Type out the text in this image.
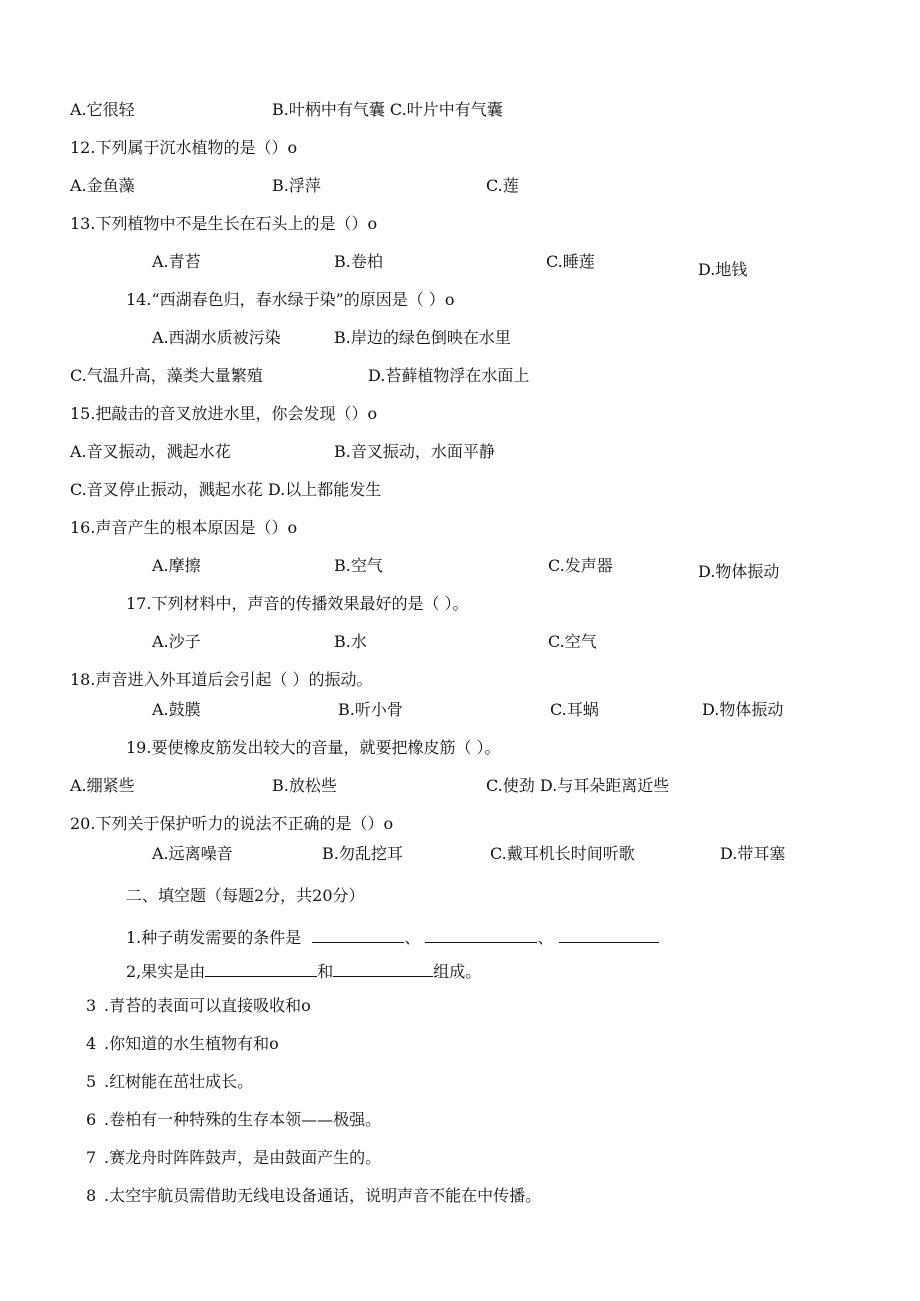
A.它很轻	B.叶柄中有气囊 C.叶片中有气囊
12.下列属于沉水植物的是（）o
A.金鱼藻	B.浮萍	C.莲
13.下列植物中不是生长在石头上的是（）o
A.青苔	B.卷柏	C.睡莲	D.地钱
14.“西湖春色归，春水绿于染”的原因是（ ）o
A.西湖水质被污染	B.岸边的绿色倒映在水里
C.气温升高，藻类大量繁殖	D.苔藓植物浮在水面上
15.把敲击的音叉放进水里，你会发现（）o
A.音叉振动，溅起水花	B.音叉振动，水面平静
C.音叉停止振动，溅起水花 D.以上都能发生
16.声音产生的根本原因是（）o
A.摩擦	B.空气	C.发声器	D.物体振动
17.下列材料中，声音的传播效果最好的是（ ）。
A.沙子	B.水	C.空气
18.声音进入外耳道后会引起（ ）的振动。
A.鼓膜	B.听小骨	C.耳蜗	D.物体振动
19.要使橡皮筋发出较大的音量，就要把橡皮筋（ ）。
A.绷紧些	B.放松些	C.使劲 D.与耳朵距离近些
20.下列关于保护听力的说法不正确的是（）o
A.远离噪音	B.勿乱挖耳	C.戴耳机长时间听歌	D.带耳塞
二、填空题（每题2分，共20分）
1.种子萌发需要的条件是	、	、
2,果实是由	和	组成。
3 .青苔的表面可以直接吸收和o
4 .你知道的水生植物有和o
5 .红树能在茁壮成长。
6 .卷柏有一种特殊的生存本领——极强。
7 .赛龙舟时阵阵鼓声，是由鼓面产生的。
8 .太空宇航员需借助无线电设备通话，说明声音不能在中传播。
